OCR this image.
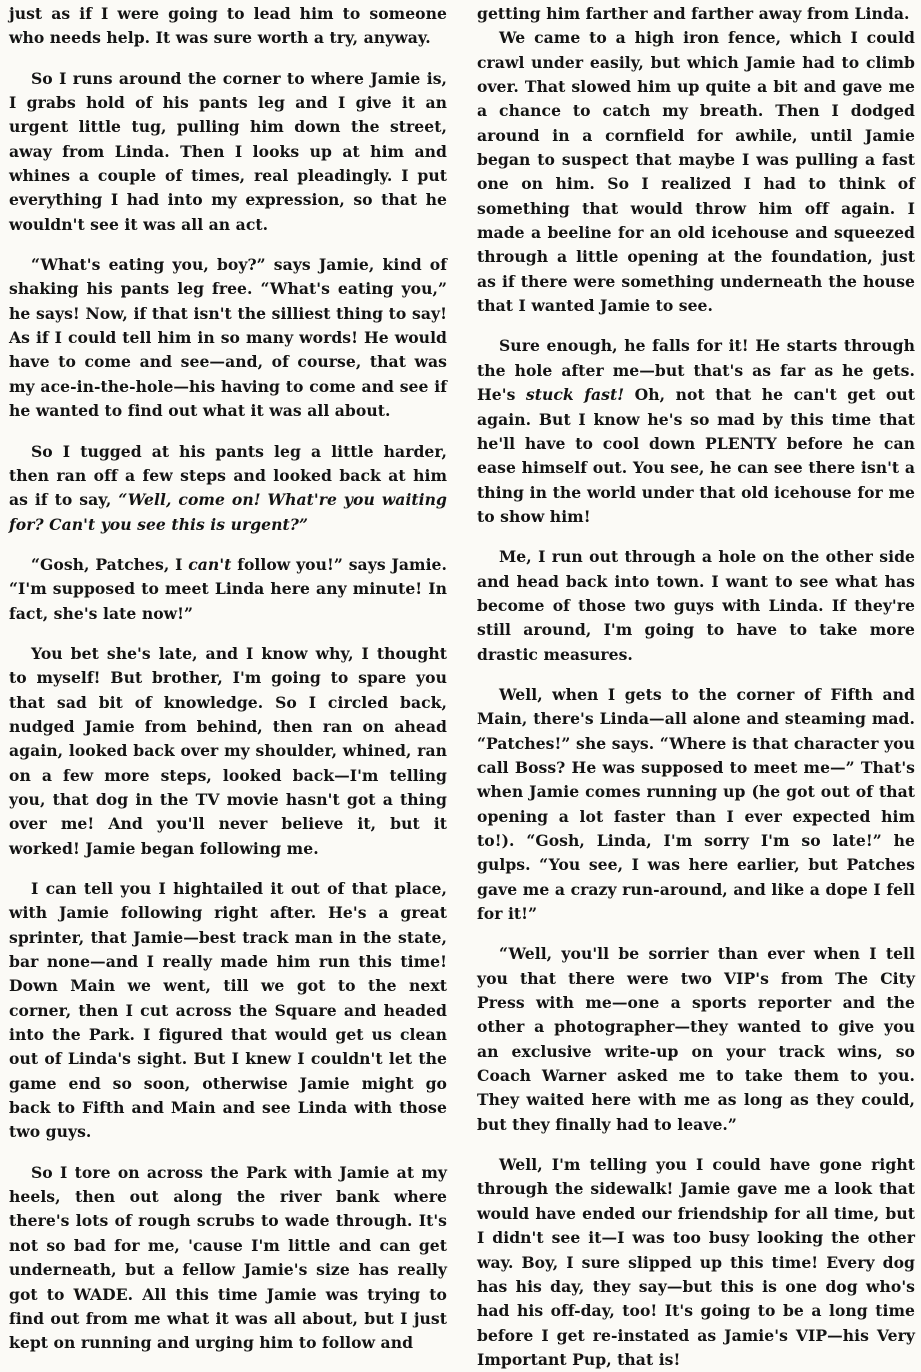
just as if I were going to lead him to someone who needs help. It was sure worth a try, anyway.

So I runs around the corner to where Jamie is, I grabs hold of his pants leg and I give it an urgent little tug, pulling him down the street, away from Linda. Then I looks up at him and whines a couple of times, real pleadingly. I put everything I had into my expression, so that he wouldn't see it was all an act.

“What's eating you, boy?” says Jamie, kind of shaking his pants leg free. “What's eating you,” he says! Now, if that isn't the silliest thing to say! As if I could tell him in so many words! He would have to come and see—and, of course, that was my ace-in-the-hole—his having to come and see if he wanted to find out what it was all about.

So I tugged at his pants leg a little harder, then ran off a few steps and looked back at him as if to say, “Well, come on! What're you waiting for? Can't you see this is urgent?”

“Gosh, Patches, I can't follow you!” says Jamie. “I'm supposed to meet Linda here any minute! In fact, she's late now!”

You bet she's late, and I know why, I thought to myself! But brother, I'm going to spare you that sad bit of knowledge. So I circled back, nudged Jamie from behind, then ran on ahead again, looked back over my shoulder, whined, ran on a few more steps, looked back—I'm telling you, that dog in the TV movie hasn't got a thing over me! And you'll never believe it, but it worked! Jamie began following me.

I can tell you I hightailed it out of that place, with Jamie following right after. He's a great sprinter, that Jamie—best track man in the state, bar none—and I really made him run this time! Down Main we went, till we got to the next corner, then I cut across the Square and headed into the Park. I figured that would get us clean out of Linda's sight. But I knew I couldn't let the game end so soon, otherwise Jamie might go back to Fifth and Main and see Linda with those two guys.

So I tore on across the Park with Jamie at my heels, then out along the river bank where there's lots of rough scrubs to wade through. It's not so bad for me, 'cause I'm little and can get underneath, but a fellow Jamie's size has really got to WADE. All this time Jamie was trying to find out from me what it was all about, but I just kept on running and urging him to follow and

getting him farther and farther away from Linda.

We came to a high iron fence, which I could crawl under easily, but which Jamie had to climb over. That slowed him up quite a bit and gave me a chance to catch my breath. Then I dodged around in a cornfield for awhile, until Jamie began to suspect that maybe I was pulling a fast one on him. So I realized I had to think of something that would throw him off again. I made a beeline for an old icehouse and squeezed through a little opening at the foundation, just as if there were something underneath the house that I wanted Jamie to see.

Sure enough, he falls for it! He starts through the hole after me—but that's as far as he gets. He's stuck fast! Oh, not that he can't get out again. But I know he's so mad by this time that he'll have to cool down PLENTY before he can ease himself out. You see, he can see there isn't a thing in the world under that old icehouse for me to show him!

Me, I run out through a hole on the other side and head back into town. I want to see what has become of those two guys with Linda. If they're still around, I'm going to have to take more drastic measures.

Well, when I gets to the corner of Fifth and Main, there's Linda—all alone and steaming mad. “Patches!” she says. “Where is that character you call Boss? He was supposed to meet me—” That's when Jamie comes running up (he got out of that opening a lot faster than I ever expected him to!). “Gosh, Linda, I'm sorry I'm so late!” he gulps. “You see, I was here earlier, but Patches gave me a crazy run-around, and like a dope I fell for it!”

“Well, you'll be sorrier than ever when I tell you that there were two VIP's from The City Press with me—one a sports reporter and the other a photographer—they wanted to give you an exclusive write-up on your track wins, so Coach Warner asked me to take them to you. They waited here with me as long as they could, but they finally had to leave.”

Well, I'm telling you I could have gone right through the sidewalk! Jamie gave me a look that would have ended our friendship for all time, but I didn't see it—I was too busy looking the other way. Boy, I sure slipped up this time! Every dog has his day, they say—but this is one dog who's had his off-day, too! It's going to be a long time before I get re-instated as Jamie's VIP—his Very Important Pup, that is!
